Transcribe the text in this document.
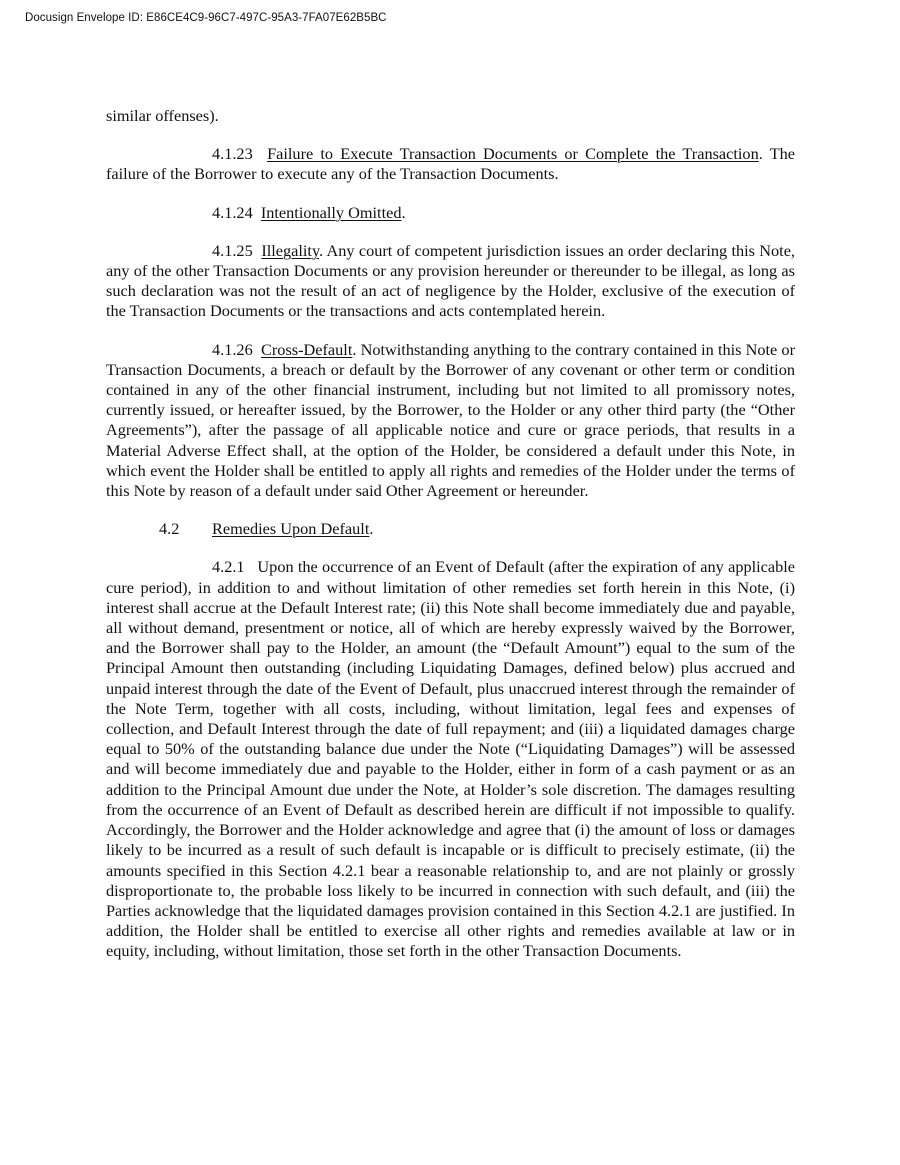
Docusign Envelope ID: E86CE4C9-96C7-497C-95A3-7FA07E62B5BC

similar offenses).

4.1.23 Failure to Execute Transaction Documents or Complete the Transaction. The failure of the Borrower to execute any of the Transaction Documents.

4.1.24 Intentionally Omitted.

4.1.25 Illegality. Any court of competent jurisdiction issues an order declaring this Note, any of the other Transaction Documents or any provision hereunder or thereunder to be illegal, as long as such declaration was not the result of an act of negligence by the Holder, exclusive of the execution of the Transaction Documents or the transactions and acts contemplated herein.

4.1.26 Cross-Default. Notwithstanding anything to the contrary contained in this Note or Transaction Documents, a breach or default by the Borrower of any covenant or other term or condition contained in any of the other financial instrument, including but not limited to all promissory notes, currently issued, or hereafter issued, by the Borrower, to the Holder or any other third party (the “Other Agreements”), after the passage of all applicable notice and cure or grace periods, that results in a Material Adverse Effect shall, at the option of the Holder, be considered a default under this Note, in which event the Holder shall be entitled to apply all rights and remedies of the Holder under the terms of this Note by reason of a default under said Other Agreement or hereunder.

4.2 Remedies Upon Default.

4.2.1 Upon the occurrence of an Event of Default (after the expiration of any applicable cure period), in addition to and without limitation of other remedies set forth herein in this Note, (i) interest shall accrue at the Default Interest rate; (ii) this Note shall become immediately due and payable, all without demand, presentment or notice, all of which are hereby expressly waived by the Borrower, and the Borrower shall pay to the Holder, an amount (the “Default Amount”) equal to the sum of the Principal Amount then outstanding (including Liquidating Damages, defined below) plus accrued and unpaid interest through the date of the Event of Default, plus unaccrued interest through the remainder of the Note Term, together with all costs, including, without limitation, legal fees and expenses of collection, and Default Interest through the date of full repayment; and (iii) a liquidated damages charge equal to 50% of the outstanding balance due under the Note (“Liquidating Damages”) will be assessed and will become immediately due and payable to the Holder, either in form of a cash payment or as an addition to the Principal Amount due under the Note, at Holder’s sole discretion. The damages resulting from the occurrence of an Event of Default as described herein are difficult if not impossible to qualify. Accordingly, the Borrower and the Holder acknowledge and agree that (i) the amount of loss or damages likely to be incurred as a result of such default is incapable or is difficult to precisely estimate, (ii) the amounts specified in this Section 4.2.1 bear a reasonable relationship to, and are not plainly or grossly disproportionate to, the probable loss likely to be incurred in connection with such default, and (iii) the Parties acknowledge that the liquidated damages provision contained in this Section 4.2.1 are justified. In addition, the Holder shall be entitled to exercise all other rights and remedies available at law or in equity, including, without limitation, those set forth in the other Transaction Documents.
